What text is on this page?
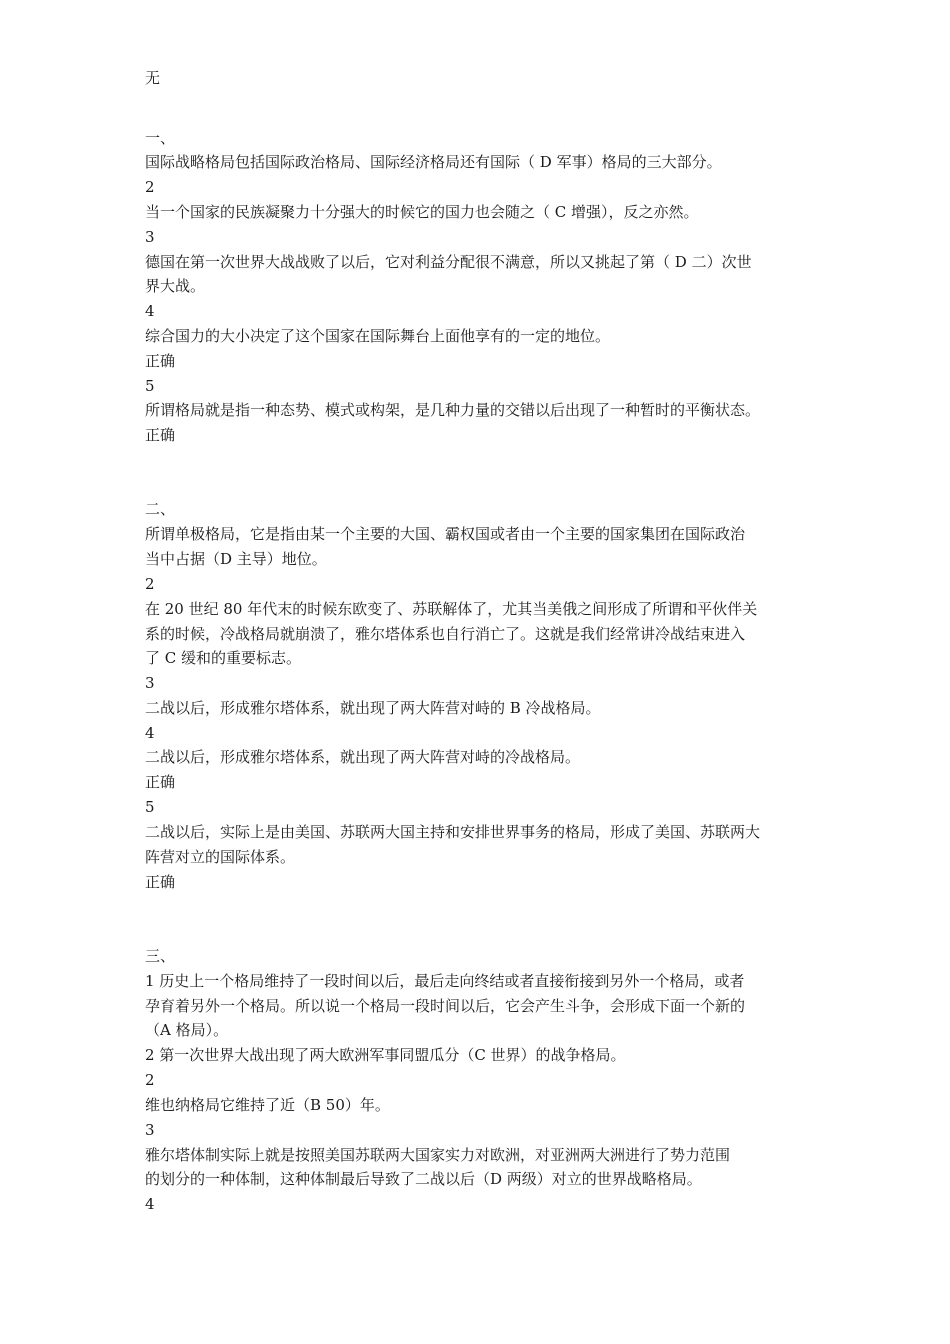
无
一、
国际战略格局包括国际政治格局、国际经济格局还有国际（ D 军事）格局的三大部分。
2
当一个国家的民族凝聚力十分强大的时候它的国力也会随之（ C 增强），反之亦然。
3
德国在第一次世界大战战败了以后，它对利益分配很不满意，所以又挑起了第（ D 二）次世
界大战。
4
综合国力的大小决定了这个国家在国际舞台上面他享有的一定的地位。
正确
5
所谓格局就是指一种态势、模式或构架，是几种力量的交错以后出现了一种暂时的平衡状态。
正确
二、
所谓单极格局，它是指由某一个主要的大国、霸权国或者由一个主要的国家集团在国际政治
当中占据（D 主导）地位。
2
在 20 世纪 80 年代末的时候东欧变了、苏联解体了，尤其当美俄之间形成了所谓和平伙伴关
系的时候，冷战格局就崩溃了，雅尔塔体系也自行消亡了。这就是我们经常讲冷战结束进入
了 C 缓和的重要标志。
3
二战以后，形成雅尔塔体系，就出现了两大阵营对峙的 B 冷战格局。
4
二战以后，形成雅尔塔体系，就出现了两大阵营对峙的冷战格局。
正确
5
二战以后，实际上是由美国、苏联两大国主持和安排世界事务的格局，形成了美国、苏联两大
阵营对立的国际体系。
正确
三、
1 历史上一个格局维持了一段时间以后，最后走向终结或者直接衔接到另外一个格局，或者
孕育着另外一个格局。所以说一个格局一段时间以后，它会产生斗争，会形成下面一个新的
（A 格局）。
2 第一次世界大战出现了两大欧洲军事同盟瓜分（C 世界）的战争格局。
2
维也纳格局它维持了近（B 50）年。
3
雅尔塔体制实际上就是按照美国苏联两大国家实力对欧洲，对亚洲两大洲进行了势力范围
的划分的一种体制，这种体制最后导致了二战以后（D 两级）对立的世界战略格局。
4
